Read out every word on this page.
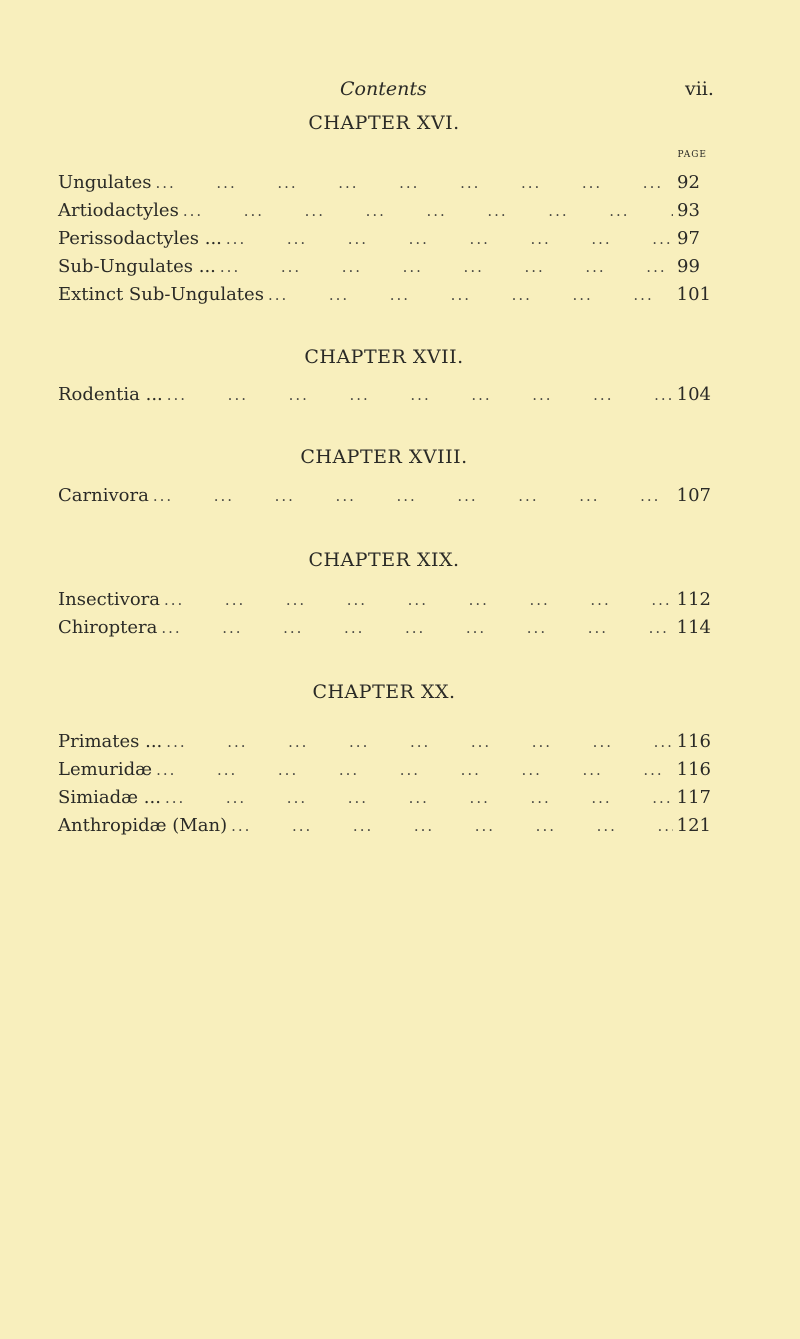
Contents	vii.
CHAPTER XVI.
PAGE
Ungulates ...	92
Artiodactyles ...	93
Perissodactyles ... ...	97
Sub-Ungulates ... ...	99
Extinct Sub-Ungulates ...	101
CHAPTER XVII.
Rodentia ... ...	104
CHAPTER XVIII.
Carnivora ...	107
CHAPTER XIX.
Insectivora ...	112
Chiroptera ...	114
CHAPTER XX.
Primates ... ...	116
Lemuridæ ...	116
Simiadæ ... ...	117
Anthropidæ (Man) ...	121
